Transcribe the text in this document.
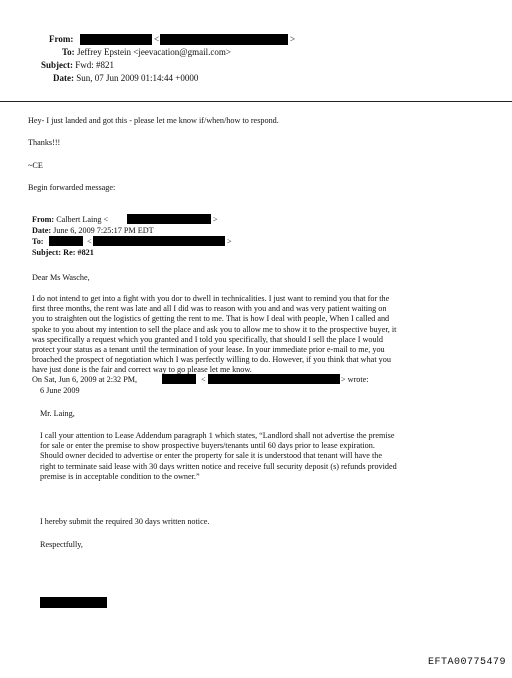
From:	<	>
To: Jeffrey Epstein <jeevacation@gmail.com>
Subject: Fwd: #821
Date: Sun, 07 Jun 2009 01:14:44 +0000
Hey- I just landed and got this - please let me know if/when/how to respond.
Thanks!!!
~CE
Begin forwarded message:
From: Calbert Laing <	>
Date: June 6, 2009 7:25:17 PM EDT
To:	<	>
Subject: Re: #821
Dear Ms Wasche,
I do not intend to get into a fight with you dor to dwell in technicalities. I just want to remind you that for the
first three months, the rent was late and all I did was to reason with you and and was very patient waiting on
you to straighten out the logistics of getting the rent to me. That is how I deal with people, When I called and
spoke to you about my intention to sell the place and ask you to allow me to show it to the prospective buyer, it
was specifically a request which you granted and I told you specifically, that should I sell the place I would
protect your status as a tenant until the termination of your lease. In your immediate prior e-mail to me, you
broached the prospect of negotiation which I was perfectly willing to do. However, if you think that what you
have just done is the fair and correct way to go please let me know.
On Sat, Jun 6, 2009 at 2:32 PM,	<	> wrote:
6 June 2009
Mr. Laing,
I call your attention to Lease Addendum paragraph 1 which states, “Landlord shall not advertise the premise
for sale or enter the premise to show prospective buyers/tenants until 60 days prior to lease expiration.
Should owner decided to advertise or enter the property for sale it is understood that tenant will have the
right to terminate said lease with 30 days written notice and receive full security deposit (s) refunds provided
premise is in acceptable condition to the owner.”
I hereby submit the required 30 days written notice.
Respectfully,
EFTA00775479
